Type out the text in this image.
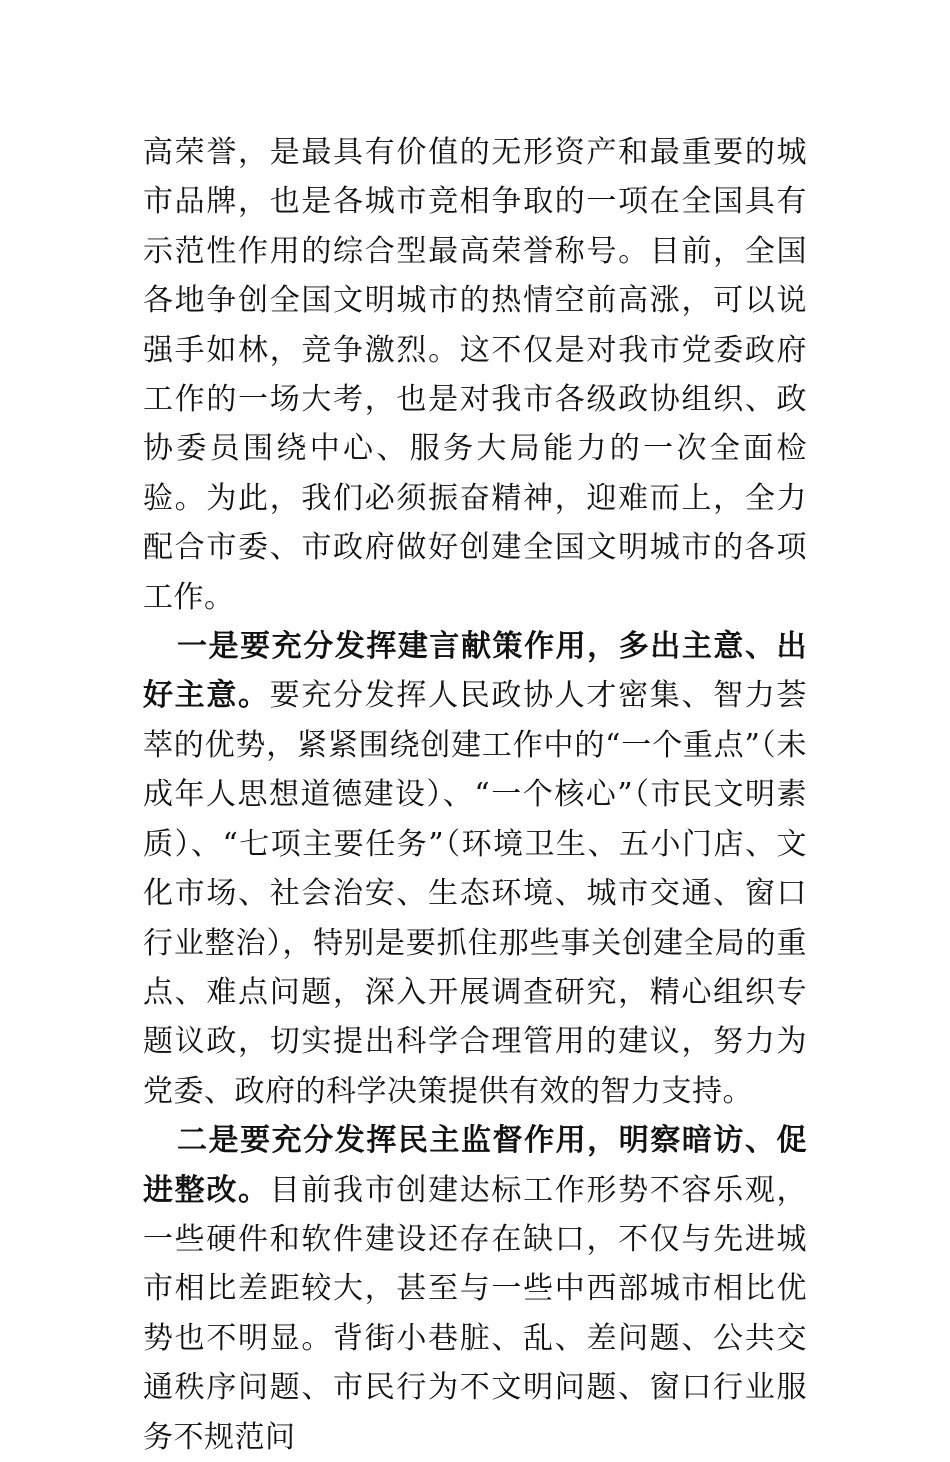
高荣誉，是最具有价值的无形资产和最重要的城市品牌，也是各城市竞相争取的一项在全国具有示范性作用的综合型最高荣誉称号。目前，全国各地争创全国文明城市的热情空前高涨，可以说强手如林，竞争激烈。这不仅是对我市党委政府工作的一场大考，也是对我市各级政协组织、政协委员围绕中心、服务大局能力的一次全面检验。为此，我们必须振奋精神，迎难而上，全力配合市委、市政府做好创建全国文明城市的各项工作。

一是要充分发挥建言献策作用，多出主意、出好主意。要充分发挥人民政协人才密集、智力荟萃的优势，紧紧围绕创建工作中的“一个重点”（未成年人思想道德建设）、“一个核心”（市民文明素质）、“七项主要任务”（环境卫生、五小门店、文化市场、社会治安、生态环境、城市交通、窗口行业整治），特别是要抓住那些事关创建全局的重点、难点问题，深入开展调查研究，精心组织专题议政，切实提出科学合理管用的建议，努力为党委、政府的科学决策提供有效的智力支持。

二是要充分发挥民主监督作用，明察暗访、促进整改。目前我市创建达标工作形势不容乐观，一些硬件和软件建设还存在缺口，不仅与先进城市相比差距较大，甚至与一些中西部城市相比优势也不明显。背街小巷脏、乱、差问题、公共交通秩序问题、市民行为不文明问题、窗口行业服务不规范问
